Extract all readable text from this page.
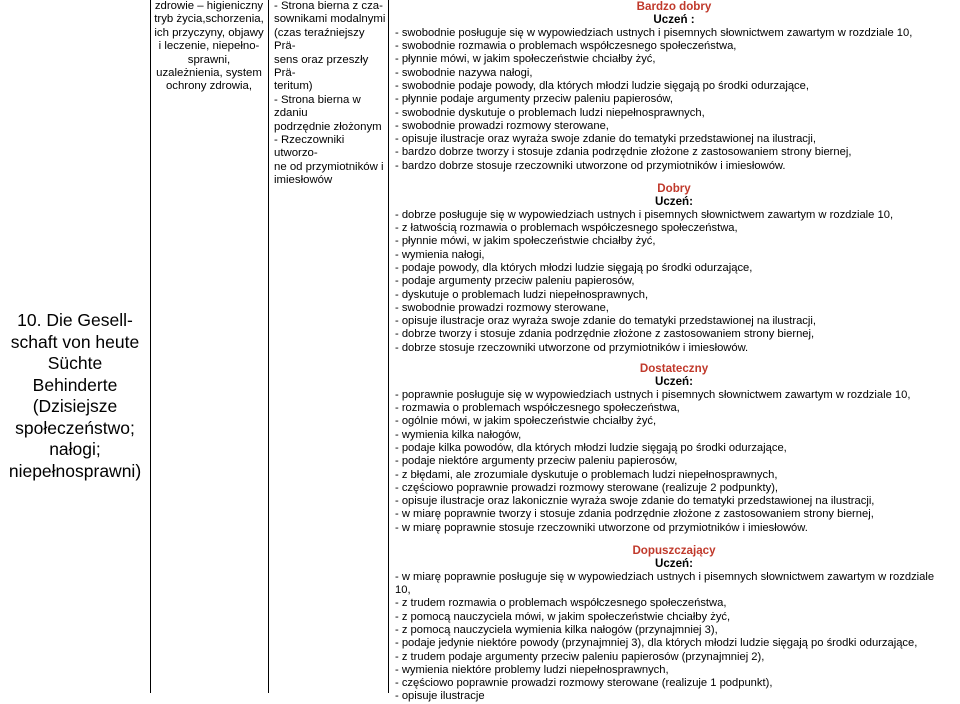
10. Die Gesell-
schaft von heute
Süchte
Behinderte
(Dzisiejsze
społeczeństwo;
nałogi;
niepełnosprawni)
zdrowie – higieniczny
tryb życia,schorzenia,
ich przyczyny, objawy
i leczenie, niepełno-
sprawni,
uzależnienia, system
ochrony zdrowia,
- Strona bierna z cza-
sownikami modalnymi
(czas teraźniejszy Prä-
sens oraz przeszły Prä-
teritum)
- Strona bierna w zdaniu
podrzędnie złożonym
- Rzeczowniki utworzo-
ne od przymiotników i
imiesłowów
Bardzo dobry
Uczeń :
- swobodnie posługuje się w wypowiedziach ustnych i pisemnych słownictwem zawartym w rozdziale 10,
- swobodnie rozmawia o problemach współczesnego społeczeństwa,
- płynnie mówi, w jakim społeczeństwie chciałby żyć,
- swobodnie nazywa nałogi,
- swobodnie podaje powody, dla których młodzi ludzie sięgają po środki odurzające,
- płynnie podaje argumenty przeciw paleniu papierosów,
- swobodnie dyskutuje o problemach ludzi niepełnosprawnych,
- swobodnie prowadzi rozmowy sterowane,
- opisuje ilustracje oraz wyraża swoje zdanie do tematyki przedstawionej na ilustracji,
- bardzo dobrze tworzy i stosuje zdania podrzędnie złożone z zastosowaniem strony biernej,
- bardzo dobrze stosuje rzeczowniki utworzone od przymiotników i imiesłowów.
Dobry
Uczeń:
- dobrze posługuje się w wypowiedziach ustnych i pisemnych słownictwem zawartym w rozdziale 10,
- z łatwością rozmawia o problemach współczesnego społeczeństwa,
- płynnie mówi, w jakim społeczeństwie chciałby żyć,
- wymienia nałogi,
- podaje powody, dla których młodzi ludzie sięgają po środki odurzające,
- podaje argumenty przeciw paleniu papierosów,
- dyskutuje o problemach ludzi niepełnosprawnych,
- swobodnie prowadzi rozmowy sterowane,
- opisuje ilustracje oraz wyraża swoje zdanie do tematyki przedstawionej na ilustracji,
- dobrze tworzy i stosuje zdania podrzędnie złożone z zastosowaniem strony biernej,
- dobrze stosuje rzeczowniki utworzone od przymiotników i imiesłowów.
Dostateczny
Uczeń:
- poprawnie posługuje się w wypowiedziach ustnych i pisemnych słownictwem zawartym w rozdziale 10,
- rozmawia o problemach współczesnego społeczeństwa,
- ogólnie mówi, w jakim społeczeństwie chciałby żyć,
- wymienia kilka nałogów,
- podaje kilka powodów, dla których młodzi ludzie sięgają po środki odurzające,
- podaje niektóre argumenty przeciw paleniu papierosów,
- z błędami, ale zrozumiale dyskutuje o problemach ludzi niepełnosprawnych,
- częściowo poprawnie prowadzi rozmowy sterowane (realizuje 2 podpunkty),
- opisuje ilustracje oraz lakonicznie wyraża swoje zdanie do tematyki przedstawionej na ilustracji,
- w miarę poprawnie tworzy i stosuje zdania podrzędnie złożone z zastosowaniem strony biernej,
- w miarę poprawnie stosuje rzeczowniki utworzone od przymiotników i imiesłowów.
Dopuszczający
Uczeń:
- w miarę poprawnie posługuje się w wypowiedziach ustnych i pisemnych słownictwem zawartym w rozdziale 10,
- z trudem rozmawia o problemach współczesnego społeczeństwa,
- z pomocą nauczyciela mówi, w jakim społeczeństwie chciałby żyć,
- z pomocą nauczyciela wymienia kilka nałogów (przynajmniej 3),
- podaje jedynie niektóre powody (przynajmniej 3), dla których młodzi ludzie sięgają po środki odurzające,
- z trudem podaje argumenty przeciw paleniu papierosów (przynajmniej 2),
- wymienia niektóre problemy ludzi niepełnosprawnych,
- częściowo poprawnie prowadzi rozmowy sterowane (realizuje 1 podpunkt),
- opisuje ilustracje
